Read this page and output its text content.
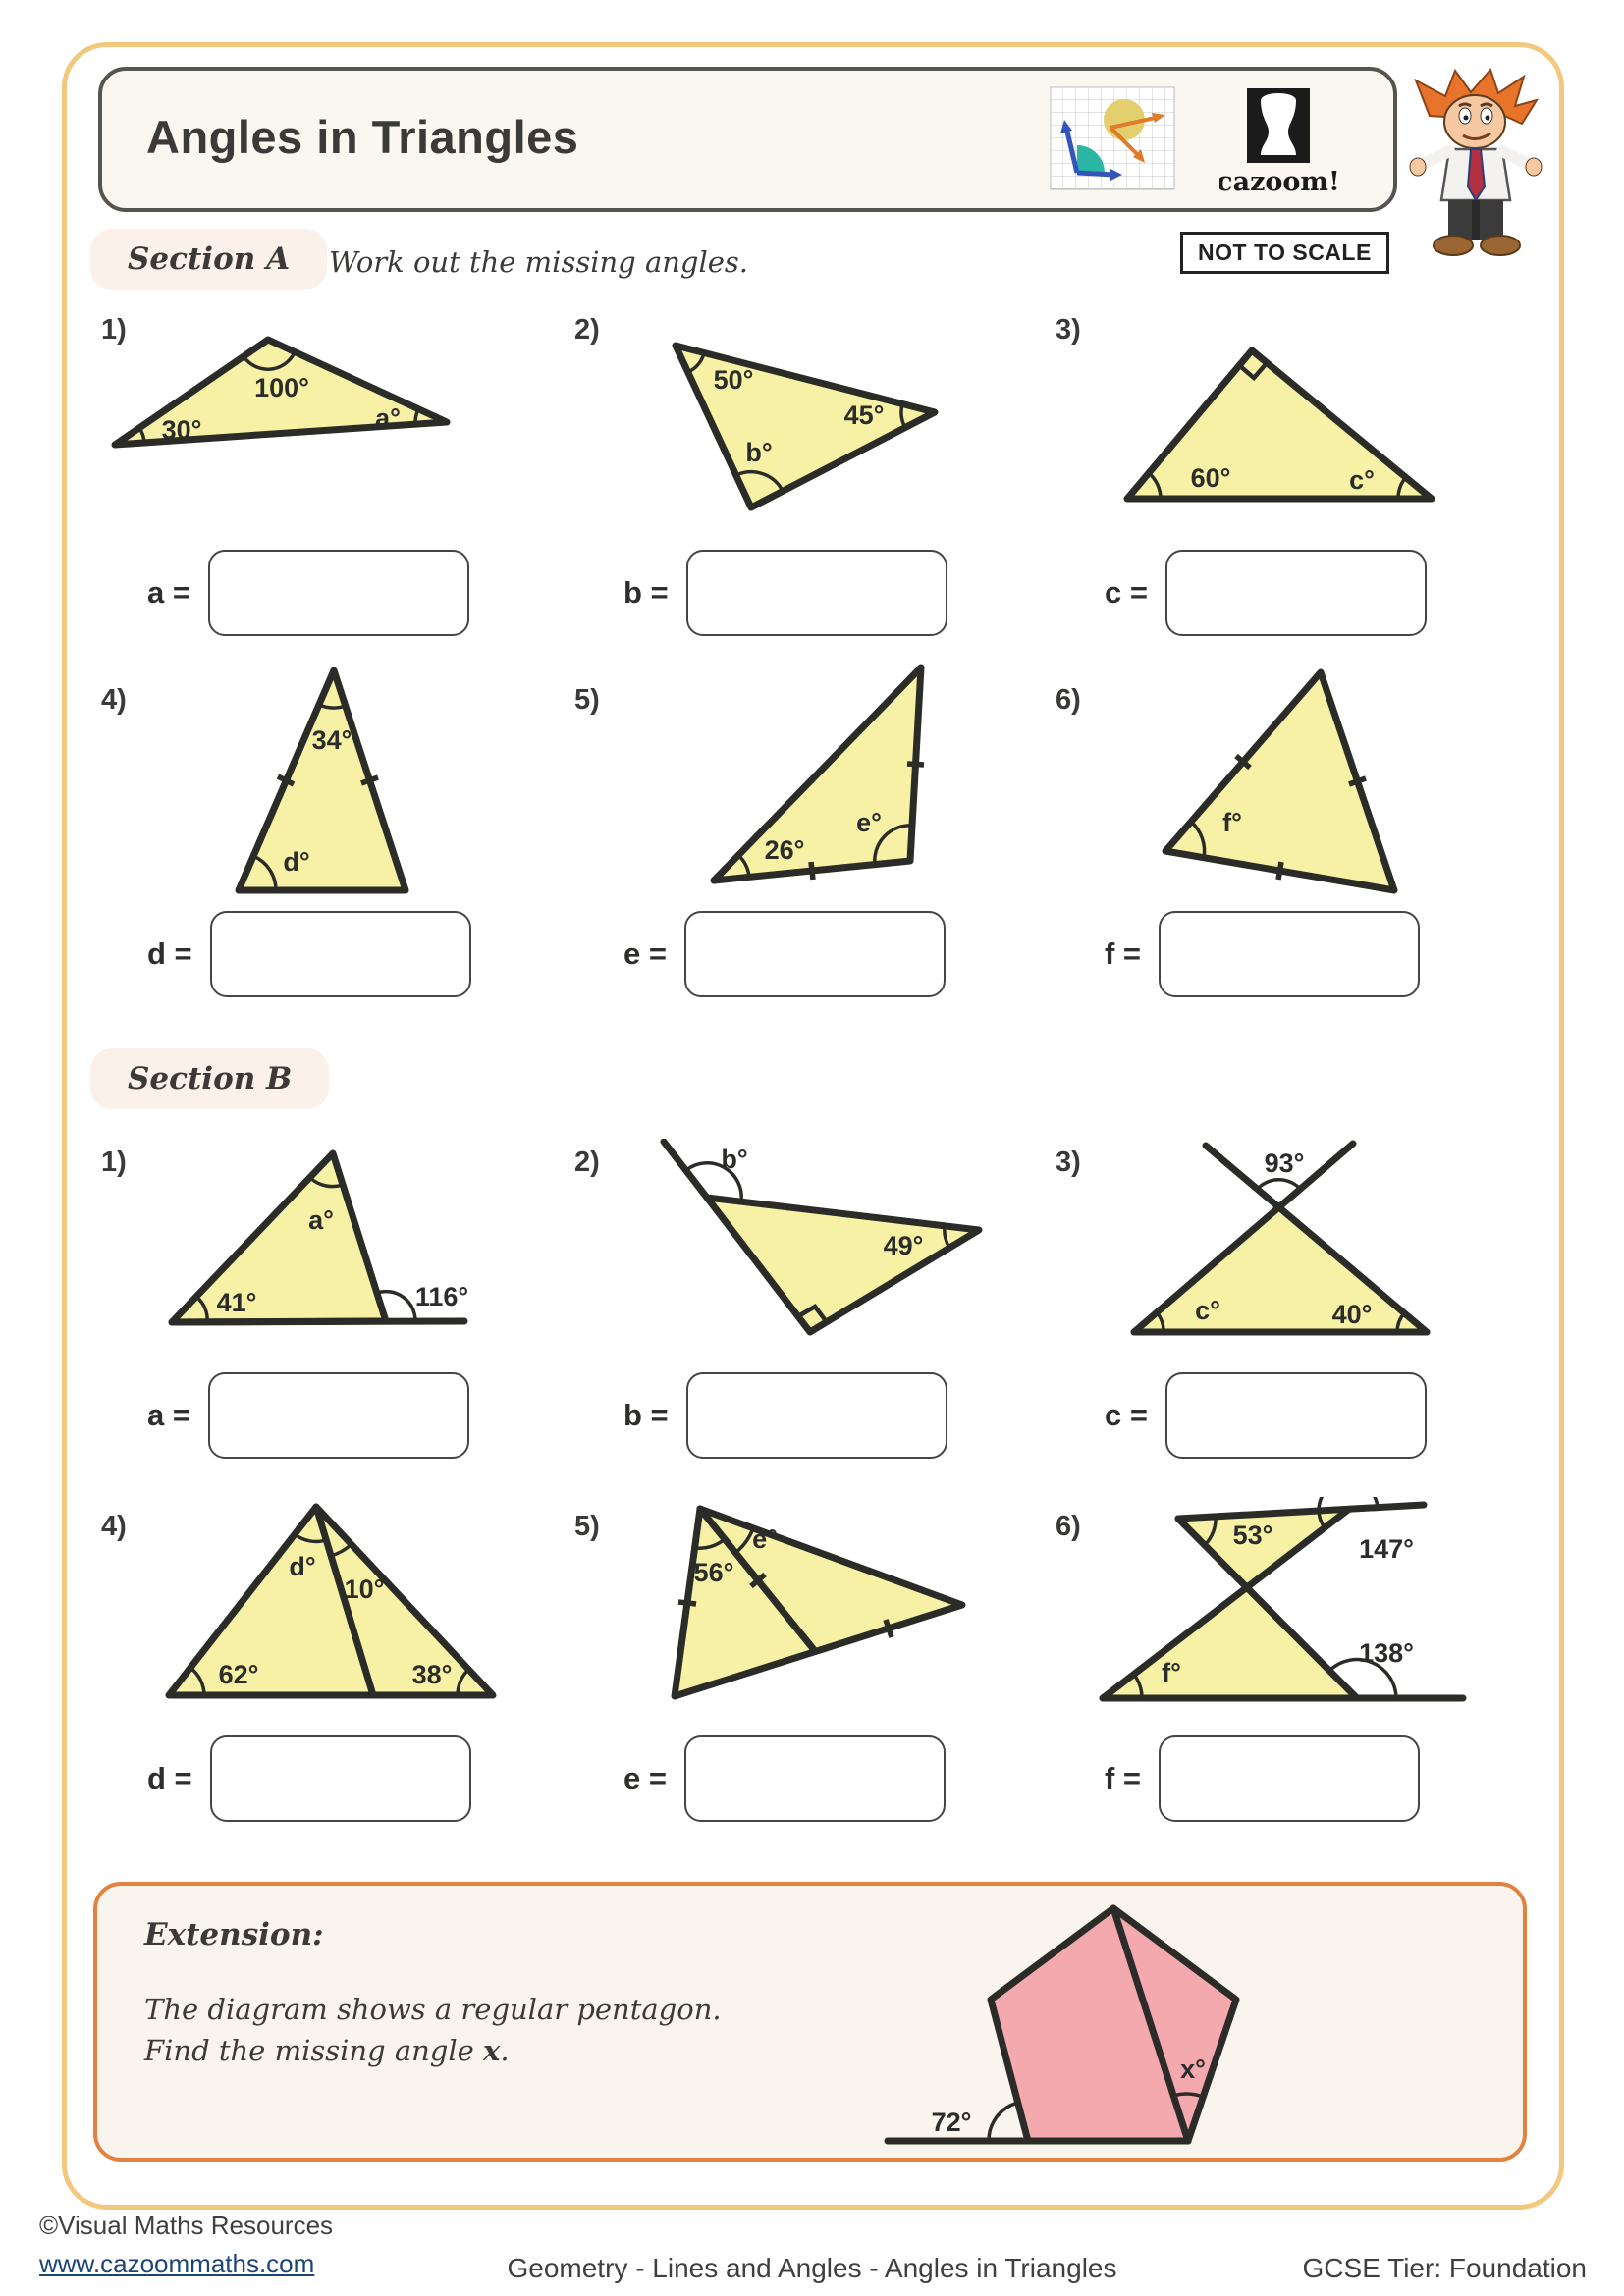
Angles in Triangles
cazoom!
NOT TO SCALE
Section A	Work out the missing angles.
1)
100°
a°
30°
2)
50°
45°
b°
3)
60°	c°
a =	b =	c =
4)
34°
d°
5)
26°
e°
6)
f°
d =	e =	f =
Section B
1)
a°
41°	116°
2)	b°
49°
3)	93°
c°	40°
a =	b =	c =
4)
d°
10°
62°	38°
5)
56°
e°	6)	53°	147°
f°
138°
d =	e =	f =
Extension:
The diagram shows a regular pentagon.
Find the missing angle x.
72°
x°
©Visual Maths Resources
www.cazoommaths.com	Geometry - Lines and Angles - Angles in Triangles	GCSE Tier: Foundation
